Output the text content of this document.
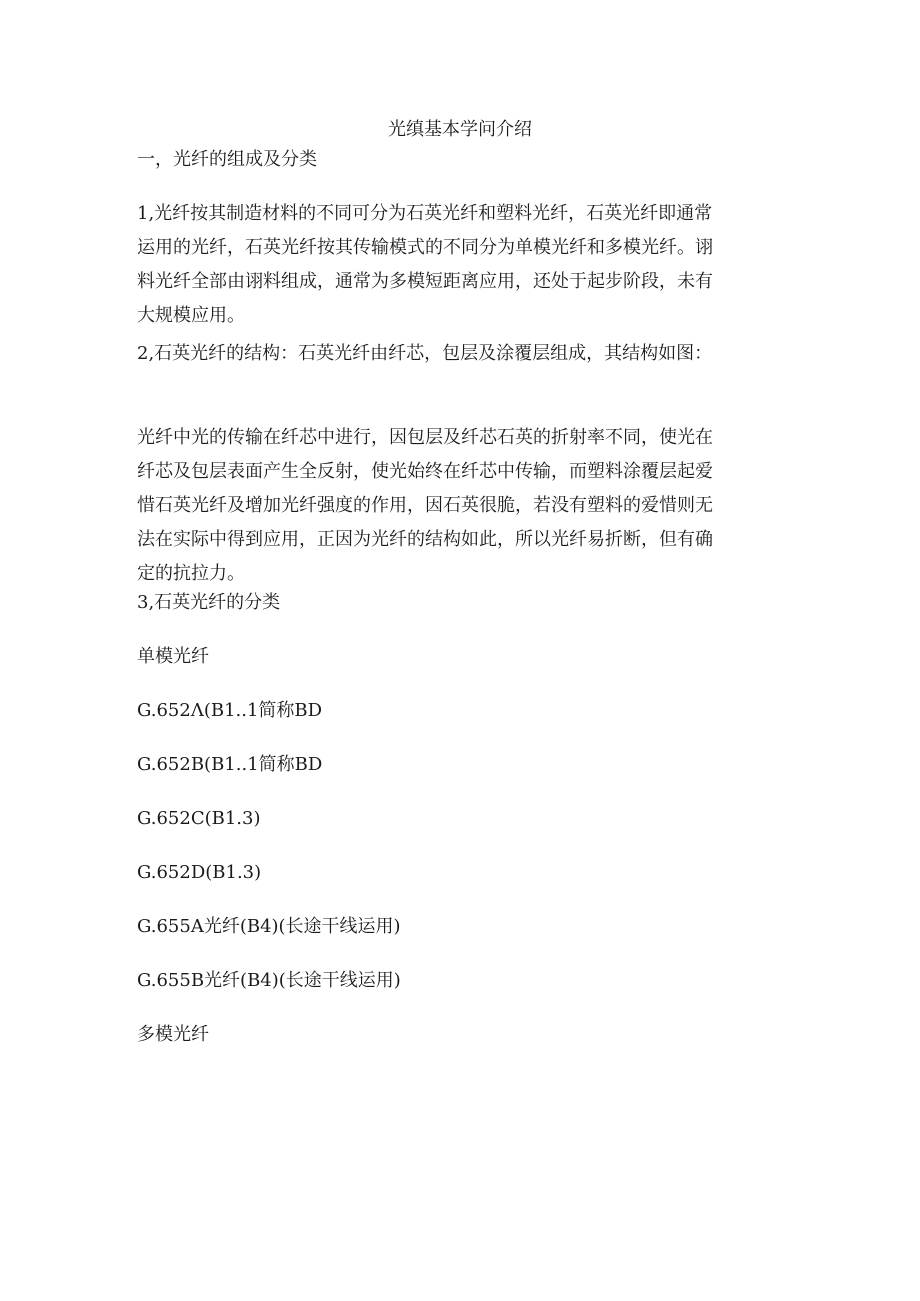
光缜基本学问介绍

一，光纤的组成及分类

1,光纤按其制造材料的不同可分为石英光纤和塑料光纤，石英光纤即通常
运用的光纤，石英光纤按其传输模式的不同分为单模光纤和多模光纤。诩
料光纤全部由诩料组成，通常为多模短距离应用，还处于起步阶段，未有
大规模应用。

2,石英光纤的结构：石英光纤由纤芯，包层及涂覆层组成，其结构如图：

光纤中光的传输在纤芯中进行，因包层及纤芯石英的折射率不同，使光在
纤芯及包层表面产生全反射，使光始终在纤芯中传输，而塑料涂覆层起爱
惜石英光纤及增加光纤强度的作用，因石英很脆，若没有塑料的爱惜则无
法在实际中得到应用，正因为光纤的结构如此，所以光纤易折断，但有确
定的抗拉力。

3,石英光纤的分类

单模光纤

G.652Λ(B1..1简称BD

G.652B(B1..1简称BD

G.652C(B1.3)

G.652D(B1.3)

G.655A光纤(B4)(长途干线运用)

G.655B光纤(B4)(长途干线运用)

多模光纤
